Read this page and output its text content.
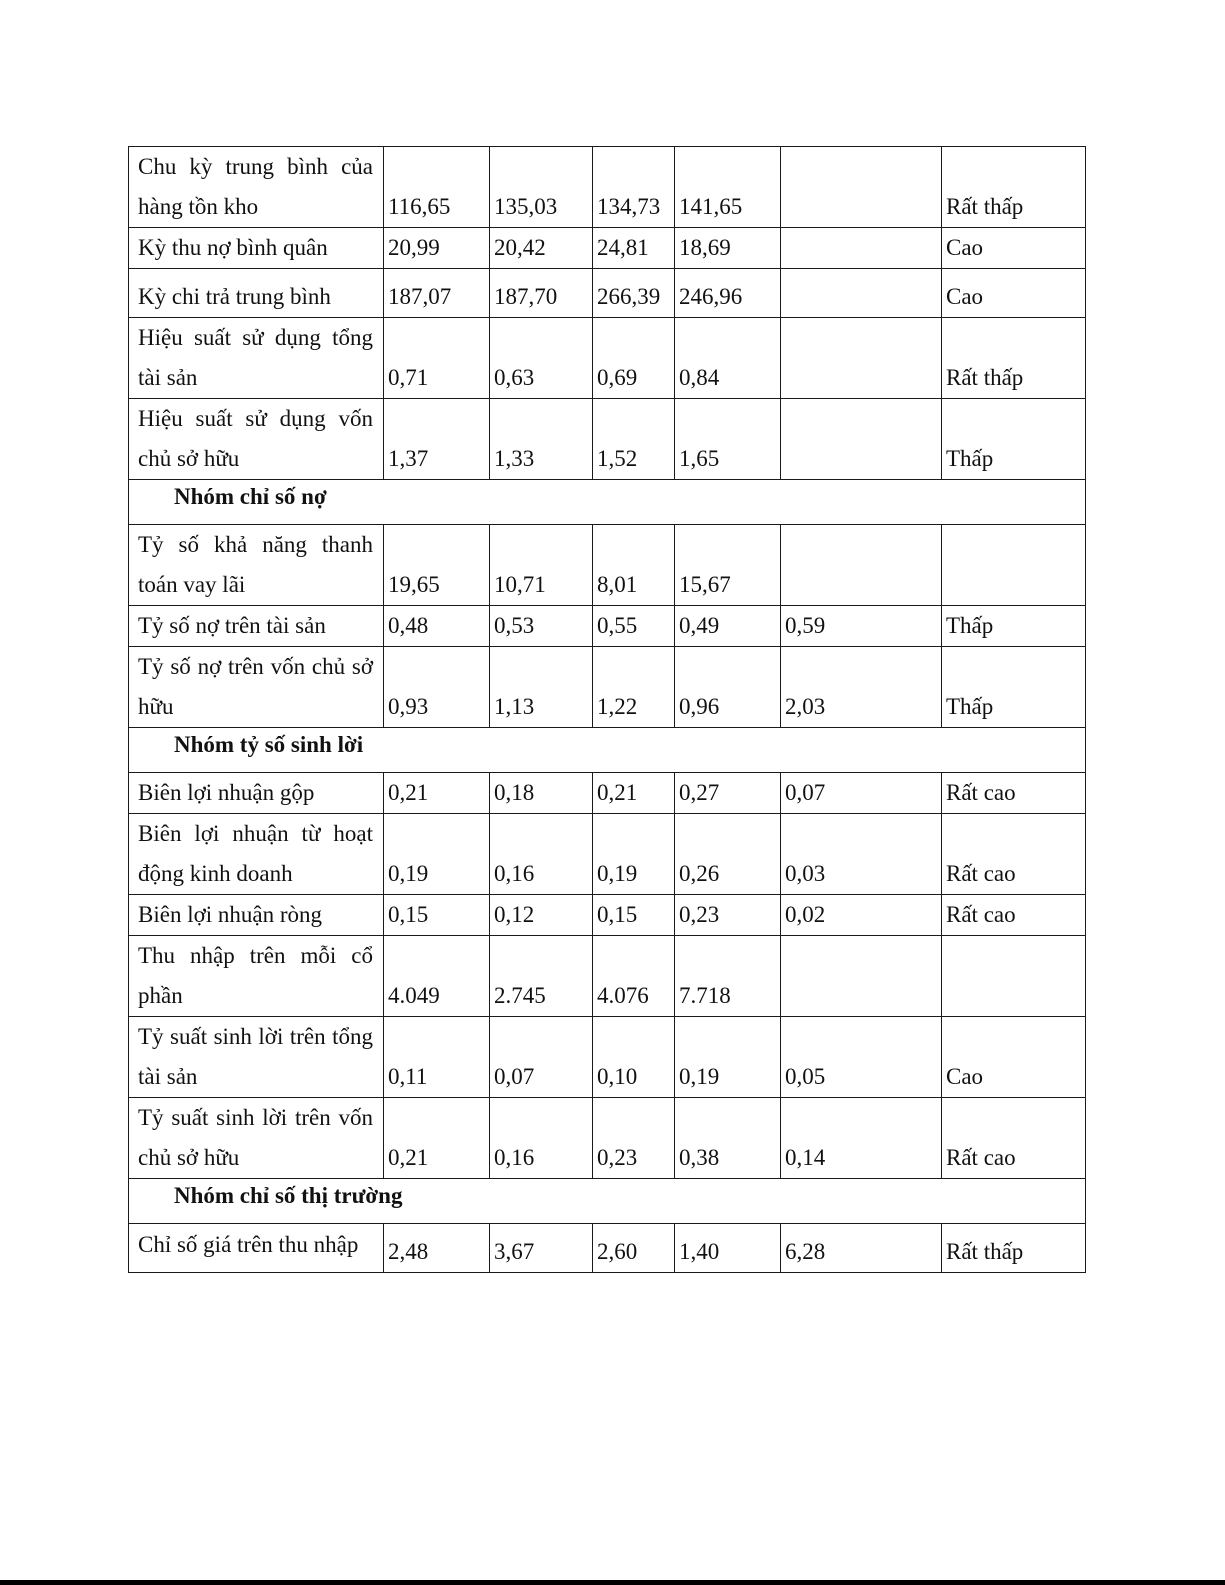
Chu kỳ trung bình của hàng tồn kho	116,65	135,03	134,73	141,65		Rất thấp
Kỳ thu nợ bình quân	20,99	20,42	24,81	18,69		Cao
Kỳ chi trả trung bình	187,07	187,70	266,39	246,96		Cao
Hiệu suất sử dụng tổng tài sản	0,71	0,63	0,69	0,84		Rất thấp
Hiệu suất sử dụng vốn chủ sở hữu	1,37	1,33	1,52	1,65		Thấp
Nhóm chỉ số nợ						
Tỷ số khả năng thanh toán vay lãi	19,65	10,71	8,01	15,67		
Tỷ số nợ trên tài sản	0,48	0,53	0,55	0,49	0,59	Thấp
Tỷ số nợ trên vốn chủ sở hữu	0,93	1,13	1,22	0,96	2,03	Thấp
Nhóm tỷ số sinh lời						
Biên lợi nhuận gộp	0,21	0,18	0,21	0,27	0,07	Rất cao
Biên lợi nhuận từ hoạt động kinh doanh	0,19	0,16	0,19	0,26	0,03	Rất cao
Biên lợi nhuận ròng	0,15	0,12	0,15	0,23	0,02	Rất cao
Thu nhập trên mỗi cổ phần	4.049	2.745	4.076	7.718		
Tỷ suất sinh lời trên tổng tài sản	0,11	0,07	0,10	0,19	0,05	Cao
Tỷ suất sinh lời trên vốn chủ sở hữu	0,21	0,16	0,23	0,38	0,14	Rất cao
Nhóm chỉ số thị trường						
Chỉ số giá trên thu nhập	2,48	3,67	2,60	1,40	6,28	Rất thấp
